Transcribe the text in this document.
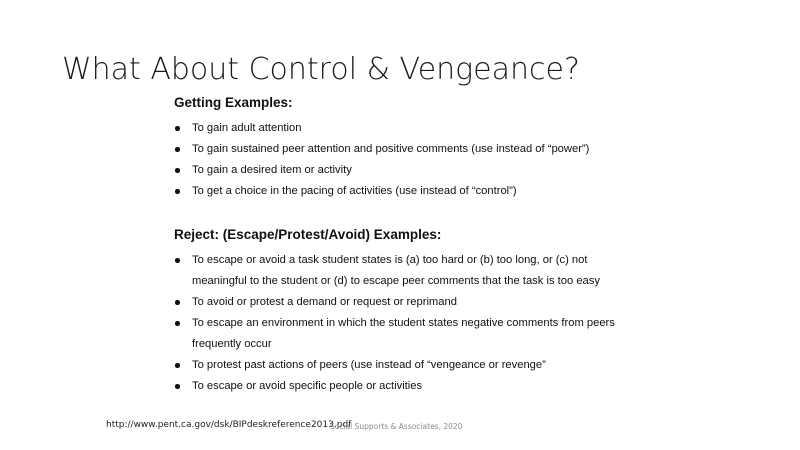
What About Control & Vengeance?
Getting Examples:
To gain adult attention
To gain sustained peer attention and positive comments (use instead of “power”)
To gain a desired item or activity
To get a choice in the pacing of activities (use instead of “control”)
Reject: (Escape/Protest/Avoid) Examples:
To escape or avoid a task student states is (a) too hard or (b) too long, or (c) not
meaningful to the student or (d) to escape peer comments that the task is too easy
To avoid or protest a demand or request or reprimand
To escape an environment in which the student states negative comments from peers
frequently occur
To protest past actions of peers (use instead of “vengeance or revenge”
To escape or avoid specific people or activities
http://www.pent.ca.gov/dsk/BIPdeskreference2013.pdf
Social Supports & Associates, 2020
